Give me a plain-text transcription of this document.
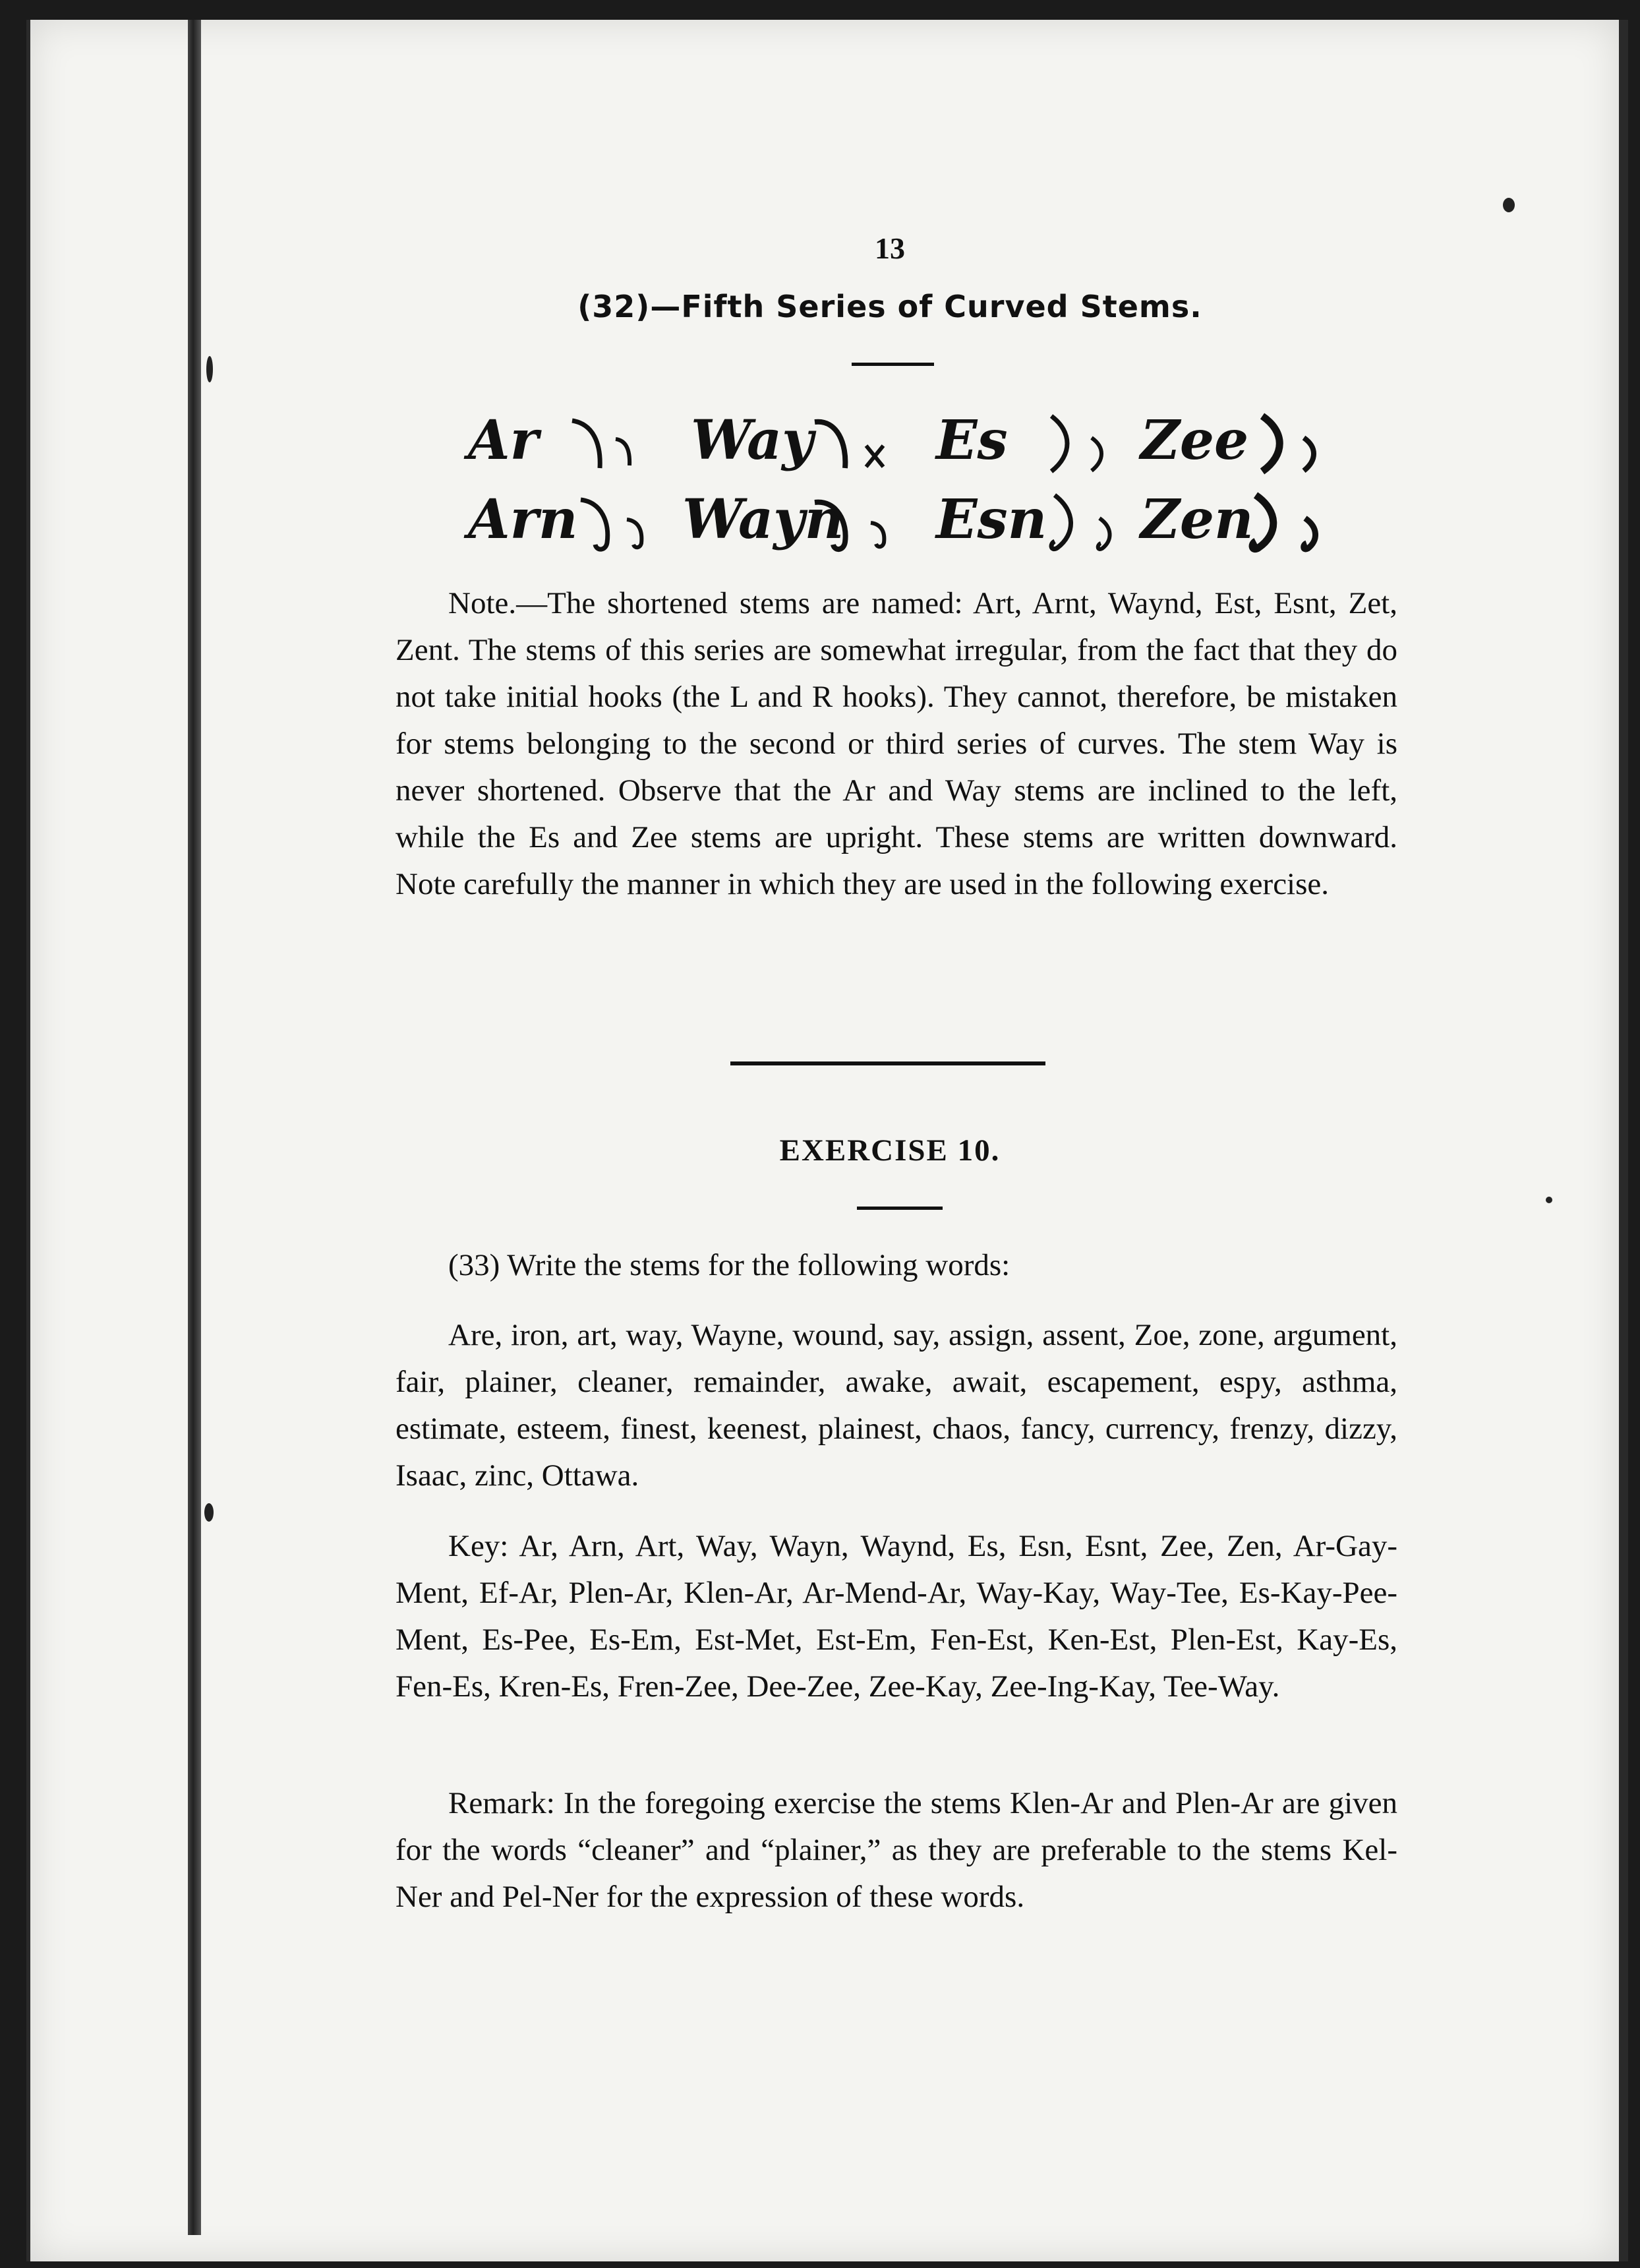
13
(32)—Fifth Series of Curved Stems.
Ar	Way Es Zee
Arn Wayn Esn Zen

Note.—The shortened stems are named: Art, Arnt, Waynd, Est, Esnt, Zet, Zent. The stems of this series are somewhat irregular, from the fact that they do not take initial hooks (the L and R hooks). They cannot, therefore, be mistaken for stems belonging to the second or third series of curves. The stem Way is never shortened. Observe that the Ar and Way stems are inclined to the left, while the Es and Zee stems are upright. These stems are written downward. Note carefully the manner in which they are used in the following exercise.

EXERCISE 10.

(33) Write the stems for the following words:

Are, iron, art, way, Wayne, wound, say, assign, assent, Zoe, zone, argument, fair, plainer, cleaner, remainder, awake, await, escapement, espy, asthma, estimate, esteem, finest, keenest, plainest, chaos, fancy, currency, frenzy, dizzy, Isaac, zinc, Ottawa.

Key: Ar, Arn, Art, Way, Wayn, Waynd, Es, Esn, Esnt, Zee, Zen, Ar-Gay-Ment, Ef-Ar, Plen-Ar, Klen-Ar, Ar-Mend-Ar, Way-Kay, Way-Tee, Es-Kay-Pee-Ment, Es-Pee, Es-Em, Est-Met, Est-Em, Fen-Est, Ken-Est, Plen-Est, Kay-Es, Fen-Es, Kren-Es, Fren-Zee, Dee-Zee, Zee-Kay, Zee-Ing-Kay, Tee-Way.

Remark: In the foregoing exercise the stems Klen-Ar and Plen-Ar are given for the words “cleaner” and “plainer,” as they are preferable to the stems Kel-Ner and Pel-Ner for the expression of these words.
